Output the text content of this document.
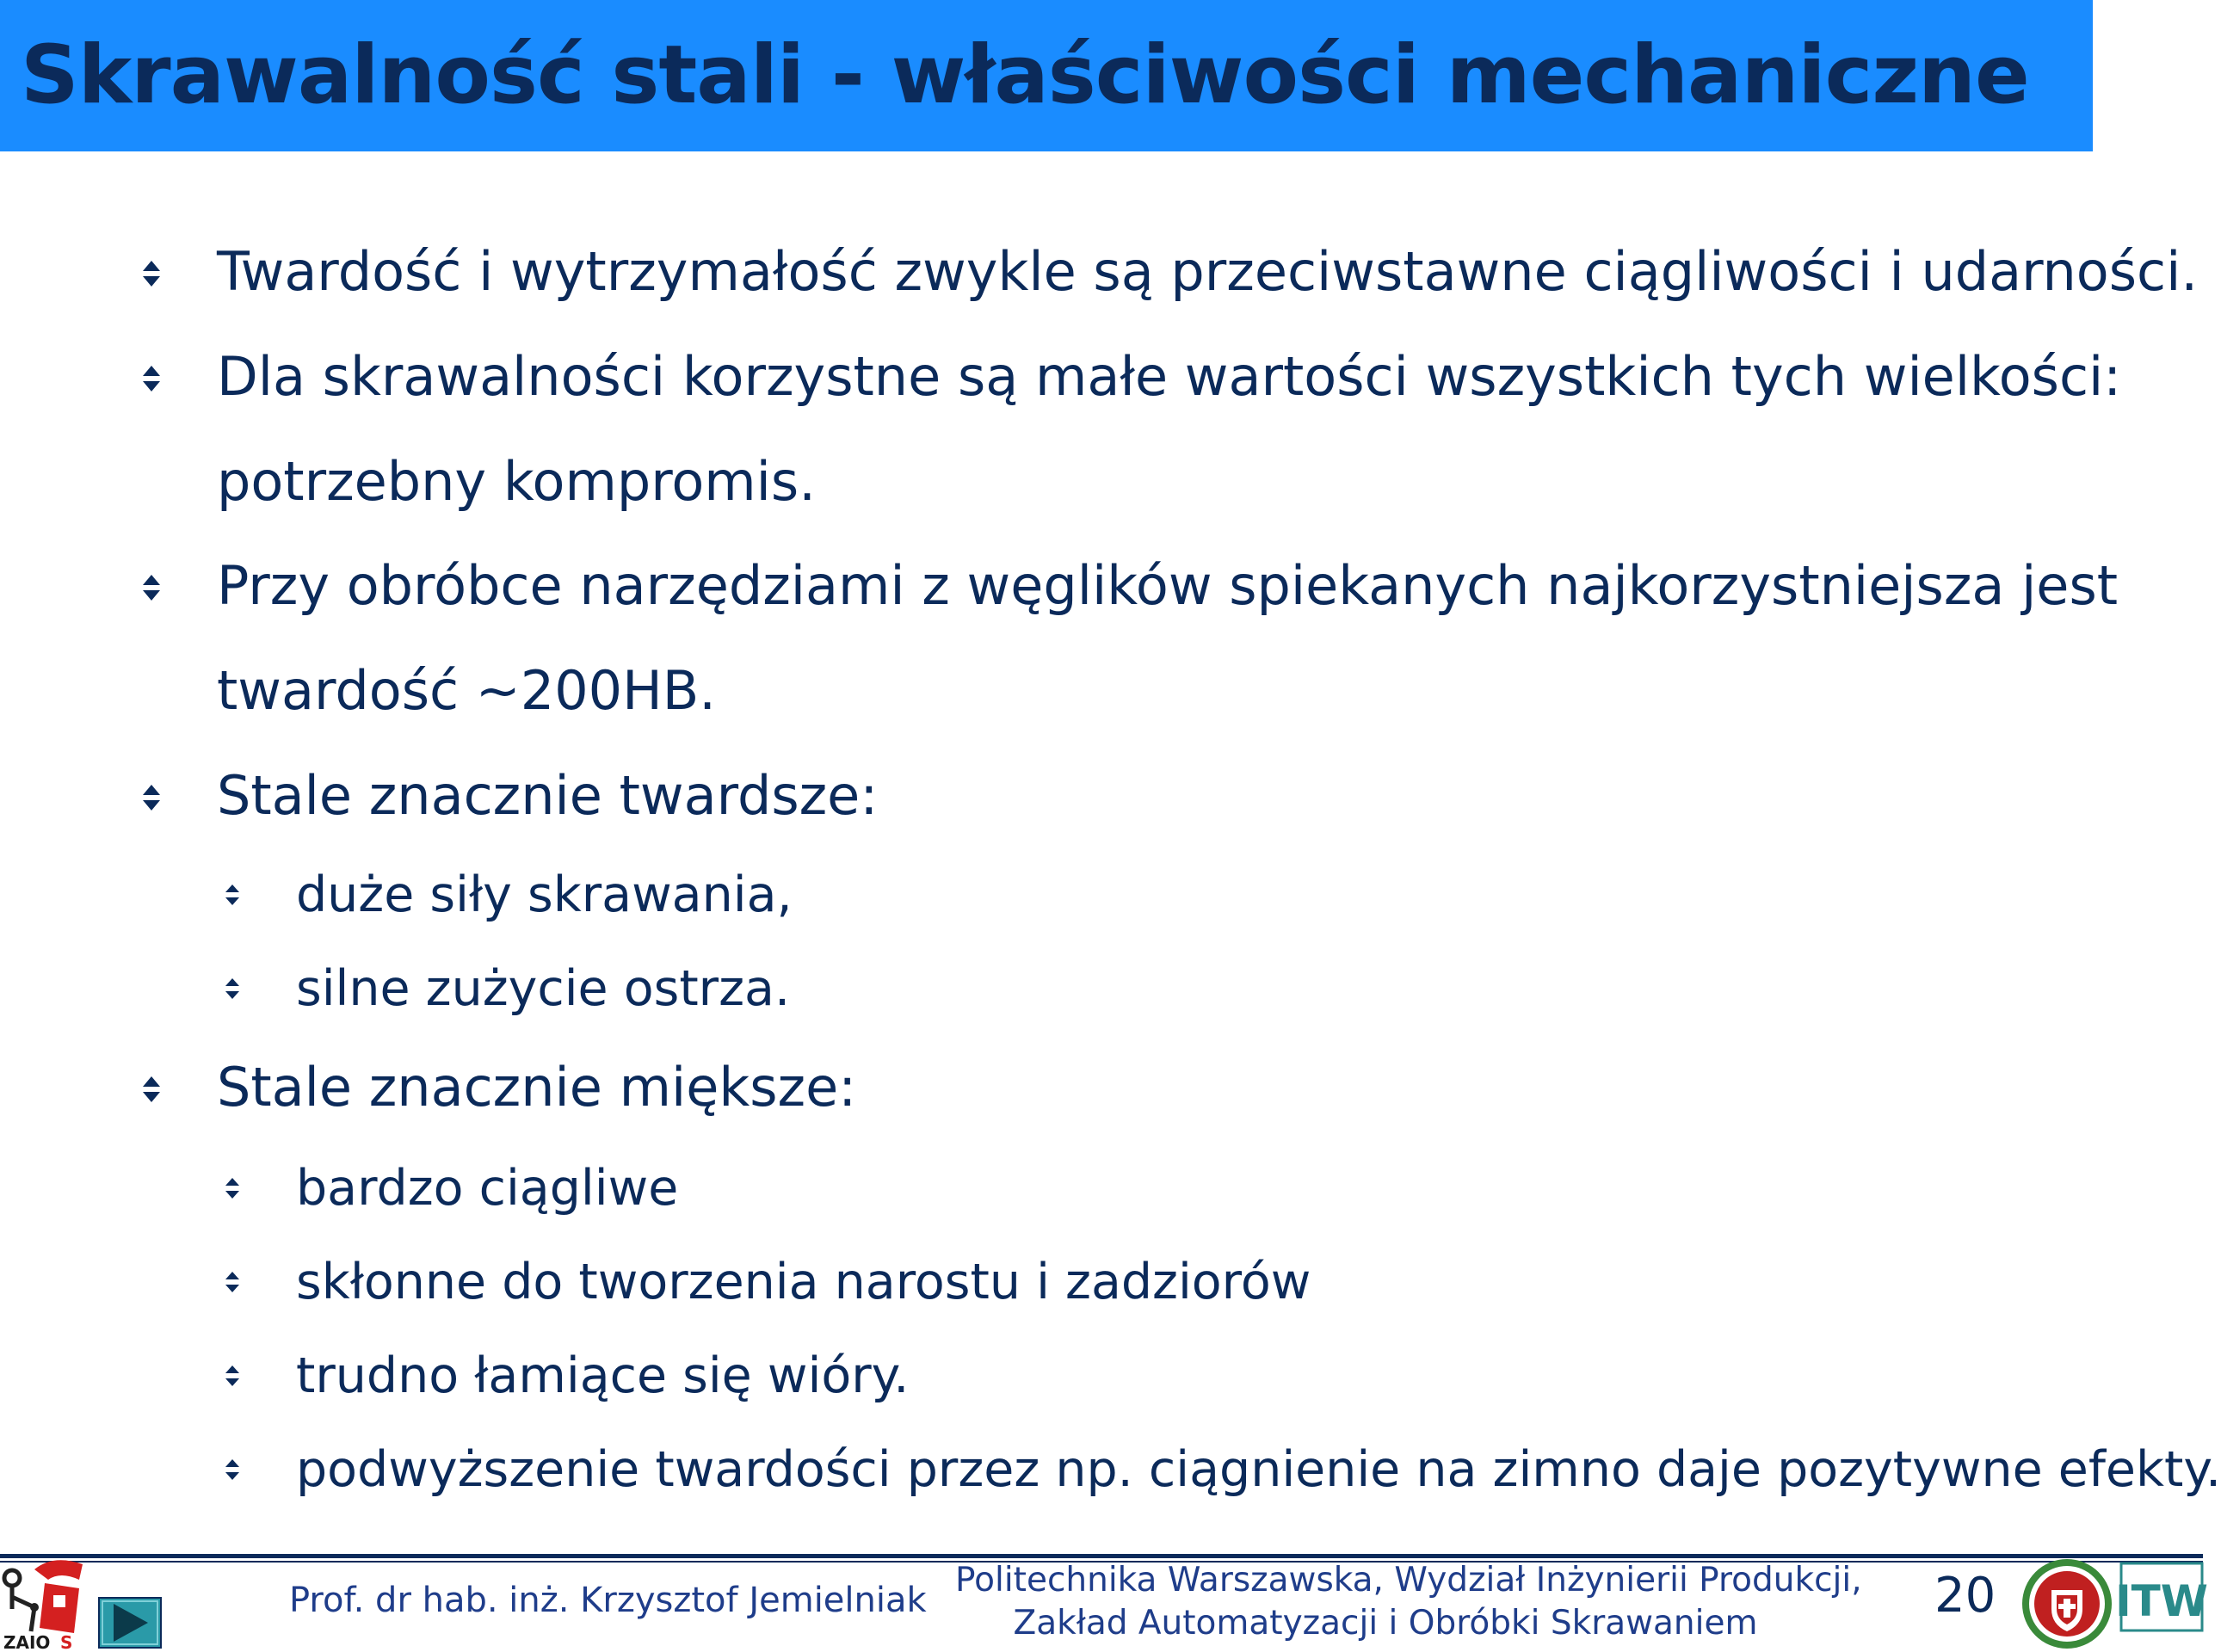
Skrawalność stali - właściwości mechaniczne
Twardość i wytrzymałość zwykle są przeciwstawne ciągliwości i udarności.
Dla skrawalności korzystne są małe wartości wszystkich tych wielkości:
potrzebny kompromis.
Przy obróbce narzędziami z węglików spiekanych najkorzystniejsza jest
twardość ~200HB.
Stale znacznie twardsze:
duże siły skrawania,
silne zużycie ostrza.
Stale znacznie miększe:
bardzo ciągliwe
skłonne do tworzenia narostu i zadziorów
trudno łamiące się wióry.
podwyższenie twardości przez np. ciągnienie na zimno daje pozytywne efekty.
ZAIO S
Prof. dr hab. inż. Krzysztof Jemielniak
Politechnika Warszawska, Wydział Inżynierii Produkcji,
Zakład Automatyzacji i Obróbki Skrawaniem	20	ITW
